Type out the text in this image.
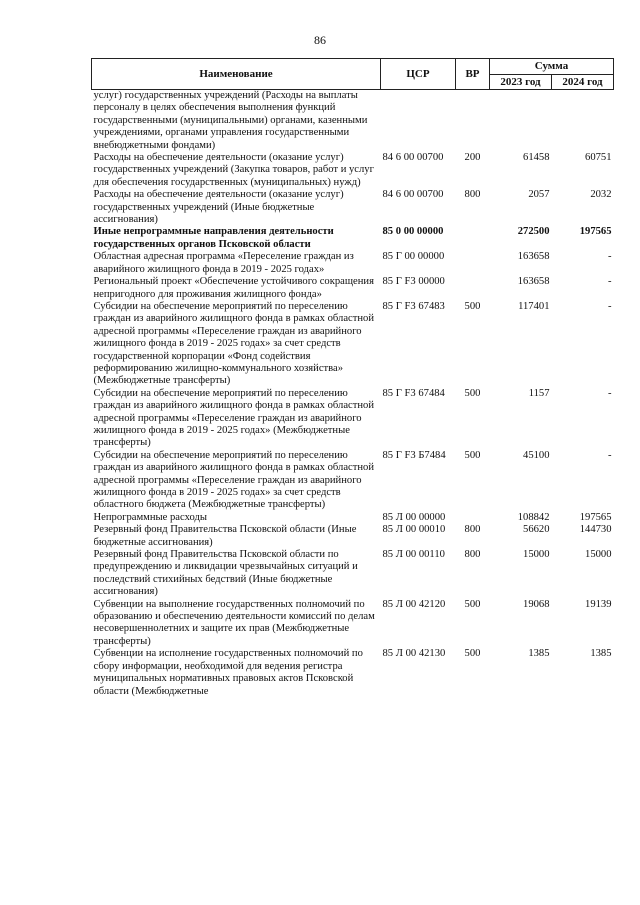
86
Наименование	ЦСР	ВР	Сумма	
			2023 год	2024 год
услуг) государственных учреждений (Расходы на выплаты персоналу в целях обеспечения выполнения функций государственными (муниципальными) органами, казенными учреждениями, органами управления государственными внебюджетными фондами)				
Расходы на обеспечение деятельности (оказание услуг) государственных учреждений (Закупка товаров, работ и услуг для обеспечения государственных (муниципальных) нужд)	84 6 00 00700	200	61458	60751
Расходы на обеспечение деятельности (оказание услуг) государственных учреждений (Иные бюджетные ассигнования)	84 6 00 00700	800	2057	2032
Иные непрограммные направления деятельности государственных органов Псковской области	85 0 00 00000		272500	197565
Областная адресная программа «Переселение граждан из аварийного жилищного фонда в 2019 - 2025 годах»	85 Г 00 00000		163658	-
Региональный проект «Обеспечение устойчивого сокращения непригодного для проживания жилищного фонда»	85 Г F3 00000		163658	-
Субсидии на обеспечение мероприятий по переселению граждан из аварийного жилищного фонда в рамках областной адресной программы «Переселение граждан из аварийного жилищного фонда в 2019 - 2025 годах» за счет средств государственной корпорации «Фонд содействия реформированию жилищно-коммунального хозяйства» (Межбюджетные трансферты)	85 Г F3 67483	500	117401	-
Субсидии на обеспечение мероприятий по переселению граждан из аварийного жилищного фонда в рамках областной адресной программы «Переселение граждан из аварийного жилищного фонда в 2019 - 2025 годах» (Межбюджетные трансферты)	85 Г F3 67484	500	1157	-
Субсидии на обеспечение мероприятий по переселению граждан из аварийного жилищного фонда в рамках областной адресной программы «Переселение граждан из аварийного жилищного фонда в 2019 - 2025 годах» за счет средств областного бюджета (Межбюджетные трансферты)	85 Г F3 Б7484	500	45100	-
Непрограммные расходы	85 Л 00 00000		108842	197565
Резервный фонд Правительства Псковской области (Иные бюджетные ассигнования)	85 Л 00 00010	800	56620	144730
Резервный фонд Правительства Псковской области по предупреждению и ликвидации чрезвычайных ситуаций и последствий стихийных бедствий (Иные бюджетные ассигнования)	85 Л 00 00110	800	15000	15000
Субвенции на выполнение государственных полномочий по образованию и обеспечению деятельности комиссий по делам несовершеннолетних и защите их прав (Межбюджетные трансферты)	85 Л 00 42120	500	19068	19139
Субвенции на исполнение государственных полномочий по сбору информации, необходимой для ведения регистра муниципальных нормативных правовых актов Псковской области (Межбюджетные	85 Л 00 42130	500	1385	1385
